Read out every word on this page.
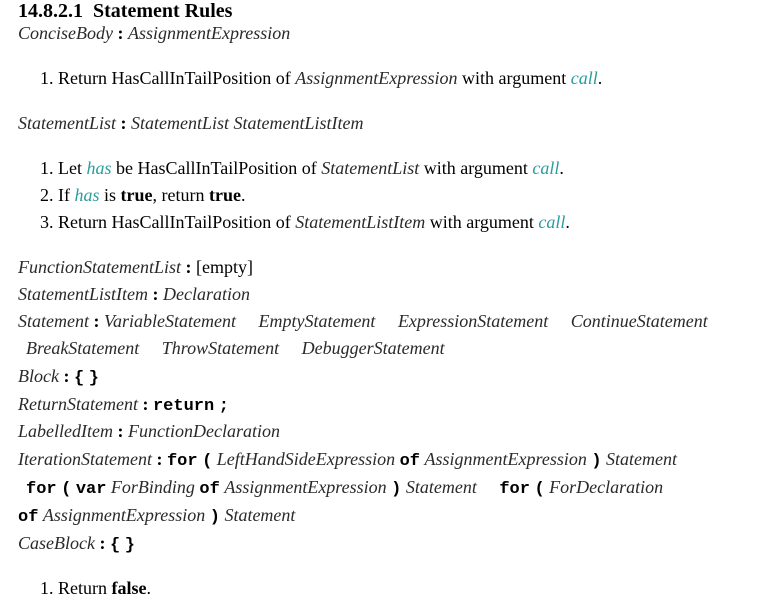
14.8.2.1 Statement Rules
ConciseBody : AssignmentExpression
1. Return HasCallInTailPosition of AssignmentExpression with argument call.
StatementList : StatementList StatementListItem
1. Let has be HasCallInTailPosition of StatementList with argument call.
2. If has is true, return true.
3. Return HasCallInTailPosition of StatementListItem with argument call.
FunctionStatementList : [empty]
StatementListItem : Declaration
Statement : VariableStatement EmptyStatement ExpressionStatement ContinueStatement
BreakStatement ThrowStatement DebuggerStatement
Block : { }
ReturnStatement : return ;
LabelledItem : FunctionDeclaration
IterationStatement : for ( LeftHandSideExpression of AssignmentExpression ) Statement
for ( var ForBinding of AssignmentExpression ) Statement for ( ForDeclaration
of AssignmentExpression ) Statement
CaseBlock : { }
1. Return false.
